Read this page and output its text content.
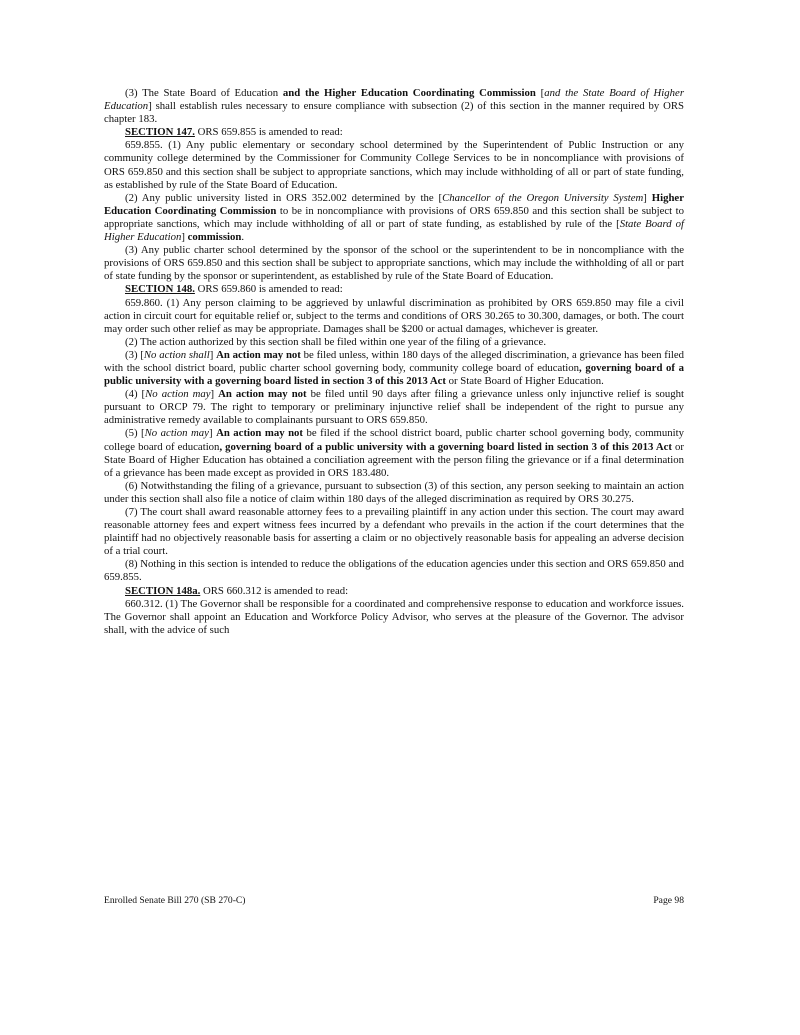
(3) The State Board of Education and the Higher Education Coordinating Commission [and the State Board of Higher Education] shall establish rules necessary to ensure compliance with subsection (2) of this section in the manner required by ORS chapter 183.

SECTION 147. ORS 659.855 is amended to read:

659.855. (1) Any public elementary or secondary school determined by the Superintendent of Public Instruction or any community college determined by the Commissioner for Community College Services to be in noncompliance with provisions of ORS 659.850 and this section shall be subject to appropriate sanctions, which may include withholding of all or part of state funding, as established by rule of the State Board of Education.

(2) Any public university listed in ORS 352.002 determined by the [Chancellor of the Oregon University System] Higher Education Coordinating Commission to be in noncompliance with provisions of ORS 659.850 and this section shall be subject to appropriate sanctions, which may include withholding of all or part of state funding, as established by rule of the [State Board of Higher Education] commission.

(3) Any public charter school determined by the sponsor of the school or the superintendent to be in noncompliance with the provisions of ORS 659.850 and this section shall be subject to appropriate sanctions, which may include the withholding of all or part of state funding by the sponsor or superintendent, as established by rule of the State Board of Education.

SECTION 148. ORS 659.860 is amended to read:

659.860. (1) Any person claiming to be aggrieved by unlawful discrimination as prohibited by ORS 659.850 may file a civil action in circuit court for equitable relief or, subject to the terms and conditions of ORS 30.265 to 30.300, damages, or both. The court may order such other relief as may be appropriate. Damages shall be $200 or actual damages, whichever is greater.

(2) The action authorized by this section shall be filed within one year of the filing of a grievance.

(3) [No action shall] An action may not be filed unless, within 180 days of the alleged discrimination, a grievance has been filed with the school district board, public charter school governing body, community college board of education, governing board of a public university with a governing board listed in section 3 of this 2013 Act or State Board of Higher Education.

(4) [No action may] An action may not be filed until 90 days after filing a grievance unless only injunctive relief is sought pursuant to ORCP 79. The right to temporary or preliminary injunctive relief shall be independent of the right to pursue any administrative remedy available to complainants pursuant to ORS 659.850.

(5) [No action may] An action may not be filed if the school district board, public charter school governing body, community college board of education, governing board of a public university with a governing board listed in section 3 of this 2013 Act or State Board of Higher Education has obtained a conciliation agreement with the person filing the grievance or if a final determination of a grievance has been made except as provided in ORS 183.480.

(6) Notwithstanding the filing of a grievance, pursuant to subsection (3) of this section, any person seeking to maintain an action under this section shall also file a notice of claim within 180 days of the alleged discrimination as required by ORS 30.275.

(7) The court shall award reasonable attorney fees to a prevailing plaintiff in any action under this section. The court may award reasonable attorney fees and expert witness fees incurred by a defendant who prevails in the action if the court determines that the plaintiff had no objectively reasonable basis for asserting a claim or no objectively reasonable basis for appealing an adverse decision of a trial court.

(8) Nothing in this section is intended to reduce the obligations of the education agencies under this section and ORS 659.850 and 659.855.

SECTION 148a. ORS 660.312 is amended to read:

660.312. (1) The Governor shall be responsible for a coordinated and comprehensive response to education and workforce issues. The Governor shall appoint an Education and Workforce Policy Advisor, who serves at the pleasure of the Governor. The advisor shall, with the advice of such

Enrolled Senate Bill 270 (SB 270-C)	Page 98
